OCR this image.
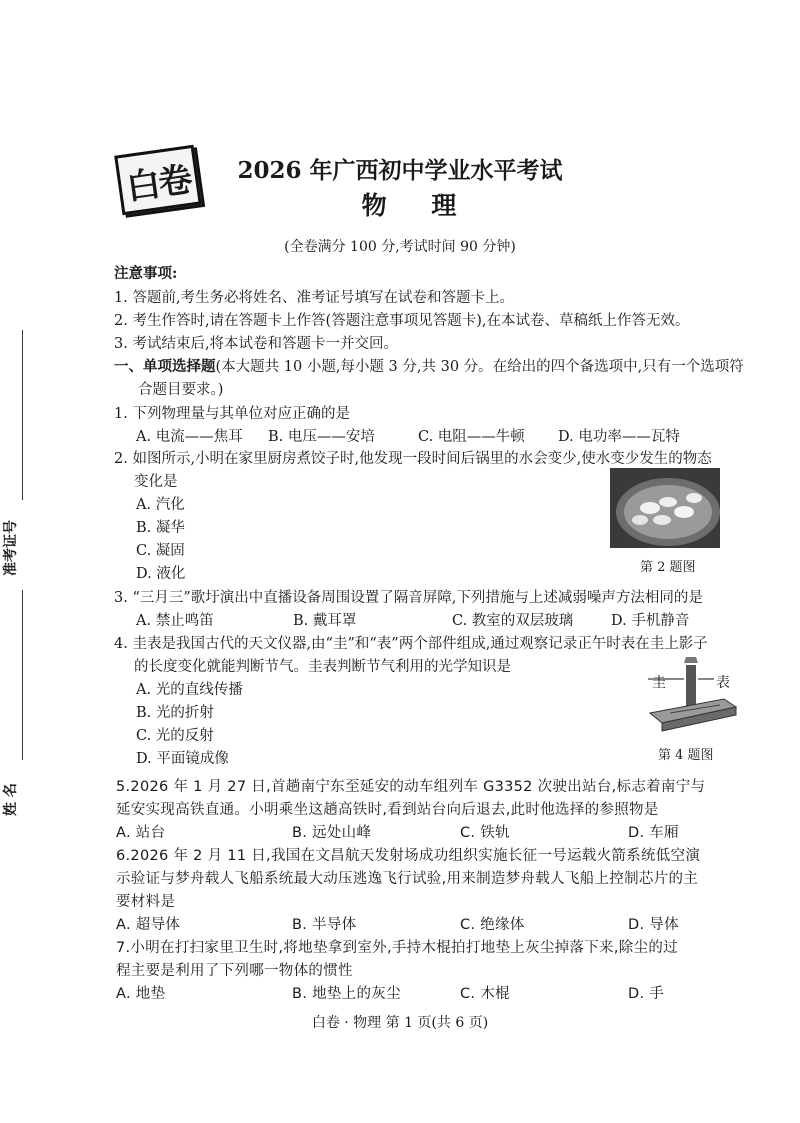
白卷	2026 年广西初中学业水平考试
物 理
(全卷满分 100 分,考试时间 90 分钟)
准考证号
姓 名
注意事项:
1. 答题前,考生务必将姓名、准考证号填写在试卷和答题卡上。
2. 考生作答时,请在答题卡上作答(答题注意事项见答题卡),在本试卷、草稿纸上作答无效。
3. 考试结束后,将本试卷和答题卡一并交回。
一、单项选择题(本大题共 10 小题,每小题 3 分,共 30 分。在给出的四个备选项中,只有一个选项符
合题目要求。)
1. 下列物理量与其单位对应正确的是
A. 电流——焦耳 B. 电压——安培	C. 电阻——牛顿 D. 电功率——瓦特
2. 如图所示,小明在家里厨房煮饺子时,他发现一段时间后锅里的水会变少,使水变少发生的物态
变化是
A. 汽化
B. 凝华
C. 凝固
D. 液化	第 2 题图
3. “三月三”歌圩演出中直播设备周围设置了隔音屏障,下列措施与上述减弱噪声方法相同的是
A. 禁止鸣笛	B. 戴耳罩	C. 教室的双层玻璃	D. 手机静音
4. 圭表是我国古代的天文仪器,由“圭”和“表”两个部件组成,通过观察记录正午时表在圭上影子
的长度变化就能判断节气。圭表判断节气利用的光学知识是
A. 光的直线传播
B. 光的折射
C. 光的反射
D. 平面镜成像
圭	表
第 4 题图
5.2026 年 1 月 27 日,首趟南宁东至延安的动车组列车 G3352 次驶出站台,标志着南宁与
延安实现高铁直通。小明乘坐这趟高铁时,看到站台向后退去,此时他选择的参照物是
A. 站台	B. 远处山峰	C. 铁轨	D. 车厢
6.2026 年 2 月 11 日,我国在文昌航天发射场成功组织实施长征一号运载火箭系统低空演
示验证与梦舟载人飞船系统最大动压逃逸飞行试验,用来制造梦舟载人飞船上控制芯片的主
要材料是
A. 超导体	B. 半导体	C. 绝缘体	D. 导体
7.小明在打扫家里卫生时,将地垫拿到室外,手持木棍拍打地垫上灰尘掉落下来,除尘的过
程主要是利用了下列哪一物体的惯性
A. 地垫	B. 地垫上的灰尘	C. 木棍	D. 手
白卷 · 物理 第 1 页(共 6 页)
